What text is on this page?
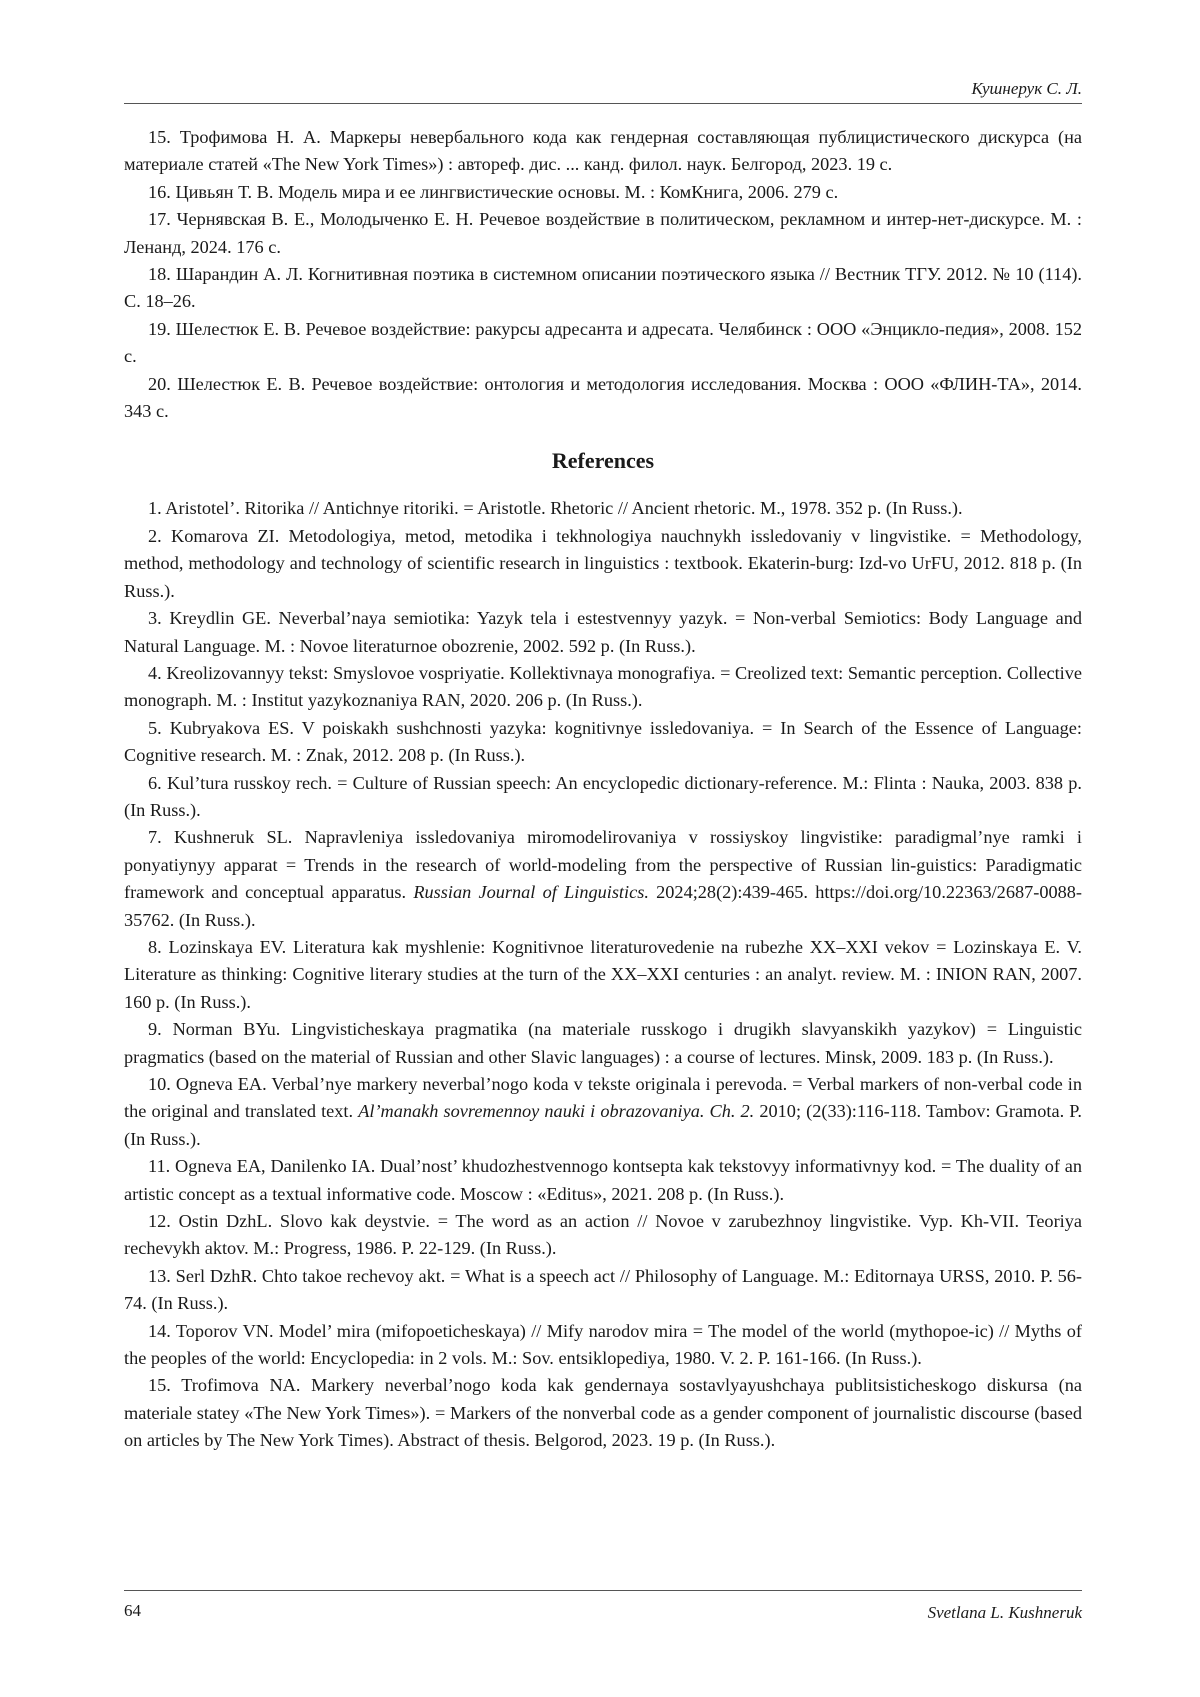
Кушнерук С. Л.

15. Трофимова Н. А. Маркеры невербального кода как гендерная составляющая публицистического дискурса (на материале статей «The New York Times») : автореф. дис. ... канд. филол. наук. Белгород, 2023. 19 с.

16. Цивьян Т. В. Модель мира и ее лингвистические основы. М. : КомКнига, 2006. 279 с.

17. Чернявская В. Е., Молодыченко Е. Н. Речевое воздействие в политическом, рекламном и интер-нет-дискурсе. М. : Ленанд, 2024. 176 с.

18. Шарандин А. Л. Когнитивная поэтика в системном описании поэтического языка // Вестник ТГУ. 2012. № 10 (114). С. 18–26.

19. Шелестюк Е. В. Речевое воздействие: ракурсы адресанта и адресата. Челябинск : ООО «Энцикло-педия», 2008. 152 с.

20. Шелестюк Е. В. Речевое воздействие: онтология и методология исследования. Москва : ООО «ФЛИН-ТА», 2014. 343 с.

References

1. Aristotel’. Ritorika // Antichnye ritoriki. = Aristotle. Rhetoric // Ancient rhetoric. M., 1978. 352 p. (In Russ.).

2. Komarova ZI. Metodologiya, metod, metodika i tekhnologiya nauchnykh issledovaniy v lingvistike. = Methodology, method, methodology and technology of scientific research in linguistics : textbook. Ekaterin-burg: Izd-vo UrFU, 2012. 818 p. (In Russ.).

3. Kreydlin GE. Neverbal’naya semiotika: Yazyk tela i estestvennyy yazyk. = Non-verbal Semiotics: Body Language and Natural Language. M. : Novoe literaturnoe obozrenie, 2002. 592 p. (In Russ.).

4. Kreolizovannyy tekst: Smyslovoe vospriyatie. Kollektivnaya monografiya. = Creolized text: Semantic perception. Collective monograph. M. : Institut yazykoznaniya RAN, 2020. 206 p. (In Russ.).

5. Kubryakova ES. V poiskakh sushchnosti yazyka: kognitivnye issledovaniya. = In Search of the Essence of Language: Cognitive research. M. : Znak, 2012. 208 p. (In Russ.).

6. Kul’tura russkoy rech. = Culture of Russian speech: An encyclopedic dictionary-reference. M.: Flinta : Nauka, 2003. 838 p. (In Russ.).

7. Kushneruk SL. Napravleniya issledovaniya miromodelirovaniya v rossiyskoy lingvistike: paradigmal’nye ramki i ponyatiynyy apparat = Trends in the research of world-modeling from the perspective of Russian lin-guistics: Paradigmatic framework and conceptual apparatus. Russian Journal of Linguistics. 2024;28(2):439-465. https://doi.org/10.22363/2687-0088-35762. (In Russ.).

8. Lozinskaya EV. Literatura kak myshlenie: Kognitivnoe literaturovedenie na rubezhe XX–XXI vekov = Lozinskaya E. V. Literature as thinking: Cognitive literary studies at the turn of the XX–XXI centuries : an analyt. review. M. : INION RAN, 2007. 160 p. (In Russ.).

9. Norman BYu. Lingvisticheskaya pragmatika (na materiale russkogo i drugikh slavyanskikh yazykov) = Linguistic pragmatics (based on the material of Russian and other Slavic languages) : a course of lectures. Minsk, 2009. 183 p. (In Russ.).

10. Ogneva EA. Verbal’nye markery neverbal’nogo koda v tekste originala i perevoda. = Verbal markers of non-verbal code in the original and translated text. Al’manakh sovremennoy nauki i obrazovaniya. Ch. 2. 2010; (2(33):116-118. Tambov: Gramota. P. (In Russ.).

11. Ogneva EA, Danilenko IA. Dual’nost’ khudozhestvennogo kontsepta kak tekstovyy informativnyy kod. = The duality of an artistic concept as a textual informative code. Moscow : «Editus», 2021. 208 p. (In Russ.).

12. Ostin DzhL. Slovo kak deystvie. = The word as an action // Novoe v zarubezhnoy lingvistike. Vyp. Kh-VII. Teoriya rechevykh aktov. M.: Progress, 1986. P. 22-129. (In Russ.).

13. Serl DzhR. Chto takoe rechevoy akt. = What is a speech act // Philosophy of Language. M.: Editornaya URSS, 2010. P. 56-74. (In Russ.).

14. Toporov VN. Model’ mira (mifopoeticheskaya) // Mify narodov mira = The model of the world (mythopoe-ic) // Myths of the peoples of the world: Encyclopedia: in 2 vols. M.: Sov. entsiklopediya, 1980. V. 2. P. 161-166. (In Russ.).

15. Trofimova NA. Markery neverbal’nogo koda kak gendernaya sostavlyayushchaya publitsisticheskogo diskursa (na materiale statey «The New York Times»). = Markers of the nonverbal code as a gender component of journalistic discourse (based on articles by The New York Times). Abstract of thesis. Belgorod, 2023. 19 p. (In Russ.).

64	Svetlana L. Kushneruk
